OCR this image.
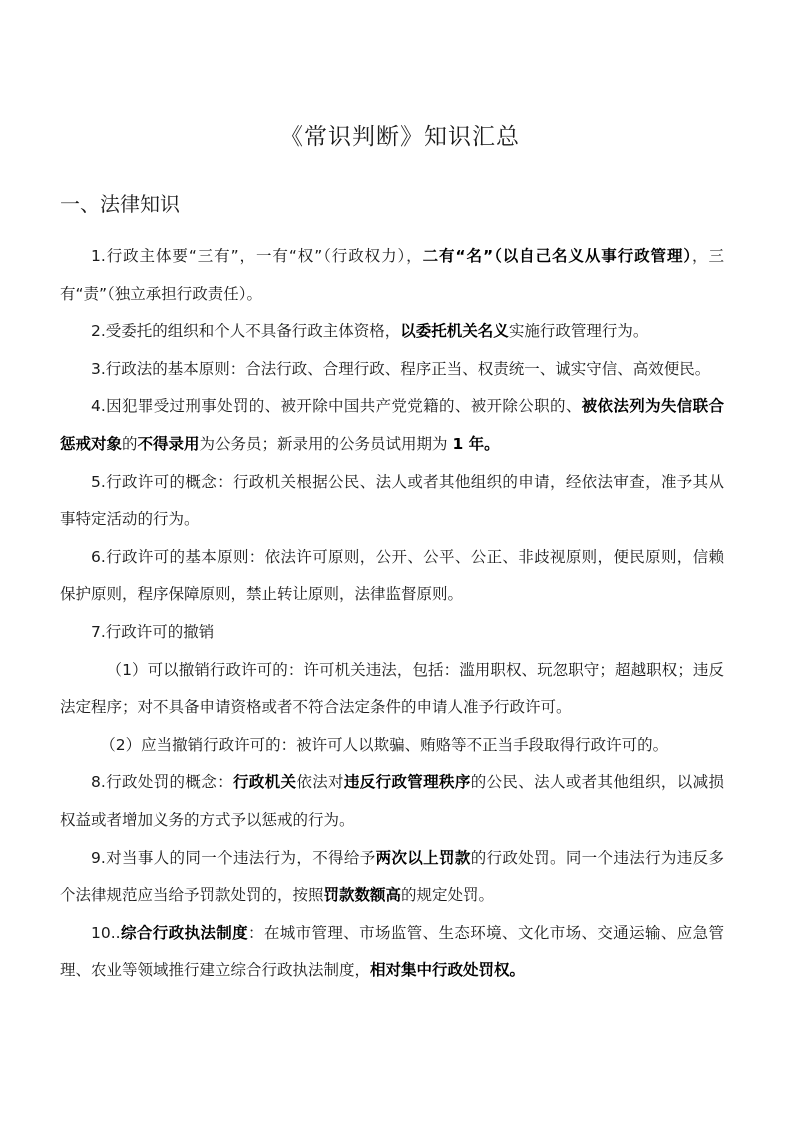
《常识判断》知识汇总
一、法律知识

1.行政主体要“三有”，一有“权”（行政权力），二有“名”（以自己名义从事行政管理），三有“责”（独立承担行政责任）。

2.受委托的组织和个人不具备行政主体资格，以委托机关名义实施行政管理行为。

3.行政法的基本原则：合法行政、合理行政、程序正当、权责统一、诚实守信、高效便民。

4.因犯罪受过刑事处罚的、被开除中国共产党党籍的、被开除公职的、被依法列为失信联合惩戒对象的不得录用为公务员；新录用的公务员试用期为 1 年。

5.行政许可的概念：行政机关根据公民、法人或者其他组织的申请，经依法审查，准予其从事特定活动的行为。

6.行政许可的基本原则：依法许可原则，公开、公平、公正、非歧视原则，便民原则，信赖保护原则，程序保障原则，禁止转让原则，法律监督原则。

7.行政许可的撤销

（1）可以撤销行政许可的：许可机关违法，包括：滥用职权、玩忽职守；超越职权；违反法定程序；对不具备申请资格或者不符合法定条件的申请人准予行政许可。

（2）应当撤销行政许可的：被许可人以欺骗、贿赂等不正当手段取得行政许可的。

8.行政处罚的概念：行政机关依法对违反行政管理秩序的公民、法人或者其他组织，以减损权益或者增加义务的方式予以惩戒的行为。

9.对当事人的同一个违法行为，不得给予两次以上罚款的行政处罚。同一个违法行为违反多个法律规范应当给予罚款处罚的，按照罚款数额高的规定处罚。

10..综合行政执法制度：在城市管理、市场监管、生态环境、文化市场、交通运输、应急管理、农业等领域推行建立综合行政执法制度，相对集中行政处罚权。
